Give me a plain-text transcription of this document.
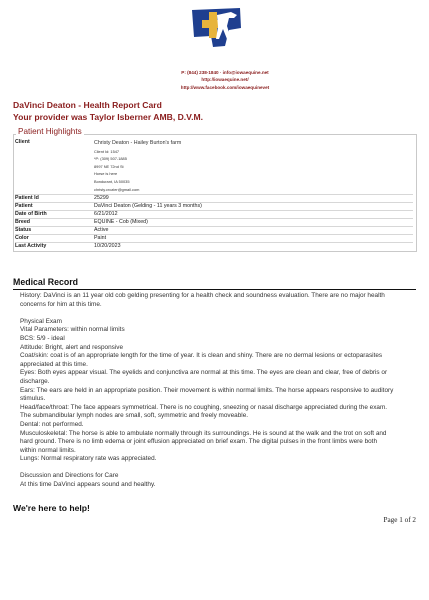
P: (844) 238-1840 · info@iowaequine.net
http://iowaequine.net/
http://www.facebook.com/iowaequinevet
DaVinci Deaton - Health Report Card
Your provider was Taylor Isberner AMB, D.V.M.
Patient Highlights
Client	Christy Deaton - Hailey Burton's farm
Client Id: 1547
*P: (309) 507-1885
8997 NE 72nd St
Horse is here
Bondurant, IA 50035
christy.crozier@gmail.com
Patient Id	25299
Patient	DaVinci Deaton (Gelding - 11 years 3 months)
Date of Birth	6/21/2012
Breed	EQUINE - Cob (Mixed)
Status	Active
Color	Paint
Last Activity	10/20/2023
Medical Record
History: DaVinci is an 11 year old cob gelding presenting for a health check and soundness evaluation. There are no major health
concerns for him at this time.
Physical Exam
Vital Parameters: within normal limits
BCS: 5/9 - ideal
Attitude: Bright, alert and responsive
Coat/skin: coat is of an appropriate length for the time of year. It is clean and shiny. There are no dermal lesions or ectoparasites
appreciated at this time.
Eyes: Both eyes appear visual. The eyelids and conjunctiva are normal at this time. The eyes are clean and clear, free of debris or
discharge.
Ears: The ears are held in an appropriate position. Their movement is within normal limits. The horse appears responsive to auditory
stimulus.
Head/face/throat: The face appears symmetrical. There is no coughing, sneezing or nasal discharge appreciated during the exam.
The submandibular lymph nodes are small, soft, symmetric and freely moveable.
Dental: not performed.
Musculoskeletal: The horse is able to ambulate normally through its surroundings. He is sound at the walk and the trot on soft and
hard ground. There is no limb edema or joint effusion appreciated on brief exam. The digital pulses in the front limbs were both
within normal limits.
Lungs: Normal respiratory rate was appreciated.
Discussion and Directions for Care
At this time DaVinci appears sound and healthy.
We're here to help!
Page 1 of 2
